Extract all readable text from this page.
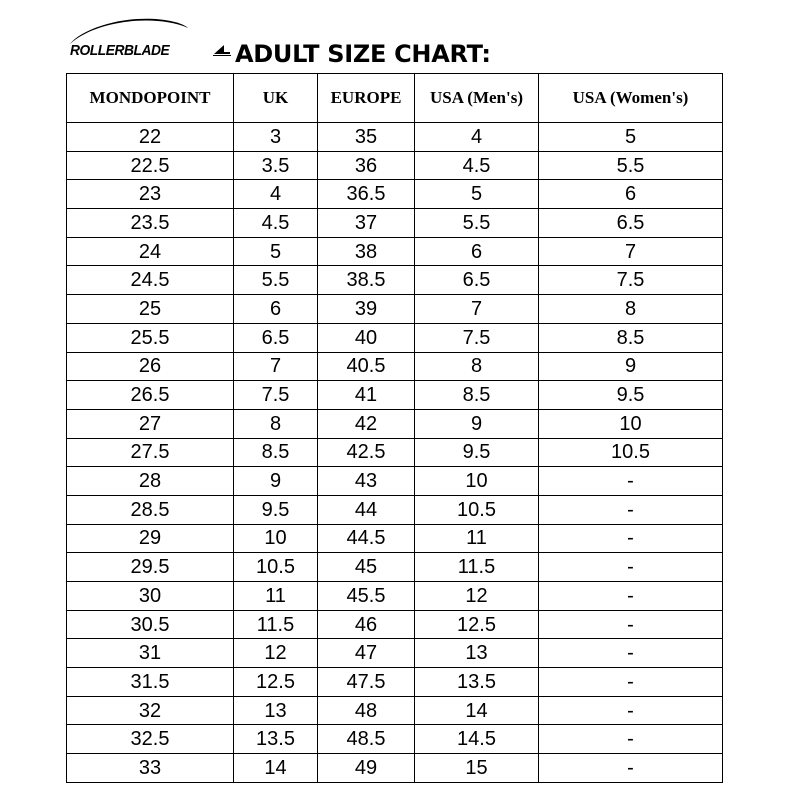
ROLLERBLADE	ADULT SIZE CHART:
MONDOPOINT	UK	EUROPE	USA (Men's)	USA (Women's)
22	3	35	4	5
22.5	3.5	36	4.5	5.5
23	4	36.5	5	6
23.5	4.5	37	5.5	6.5
24	5	38	6	7
24.5	5.5	38.5	6.5	7.5
25	6	39	7	8
25.5	6.5	40	7.5	8.5
26	7	40.5	8	9
26.5	7.5	41	8.5	9.5
27	8	42	9	10
27.5	8.5	42.5	9.5	10.5
28	9	43	10	-
28.5	9.5	44	10.5	-
29	10	44.5	11	-
29.5	10.5	45	11.5	-
30	11	45.5	12	-
30.5	11.5	46	12.5	-
31	12	47	13	-
31.5	12.5	47.5	13.5	-
32	13	48	14	-
32.5	13.5	48.5	14.5	-
33	14	49	15	-
